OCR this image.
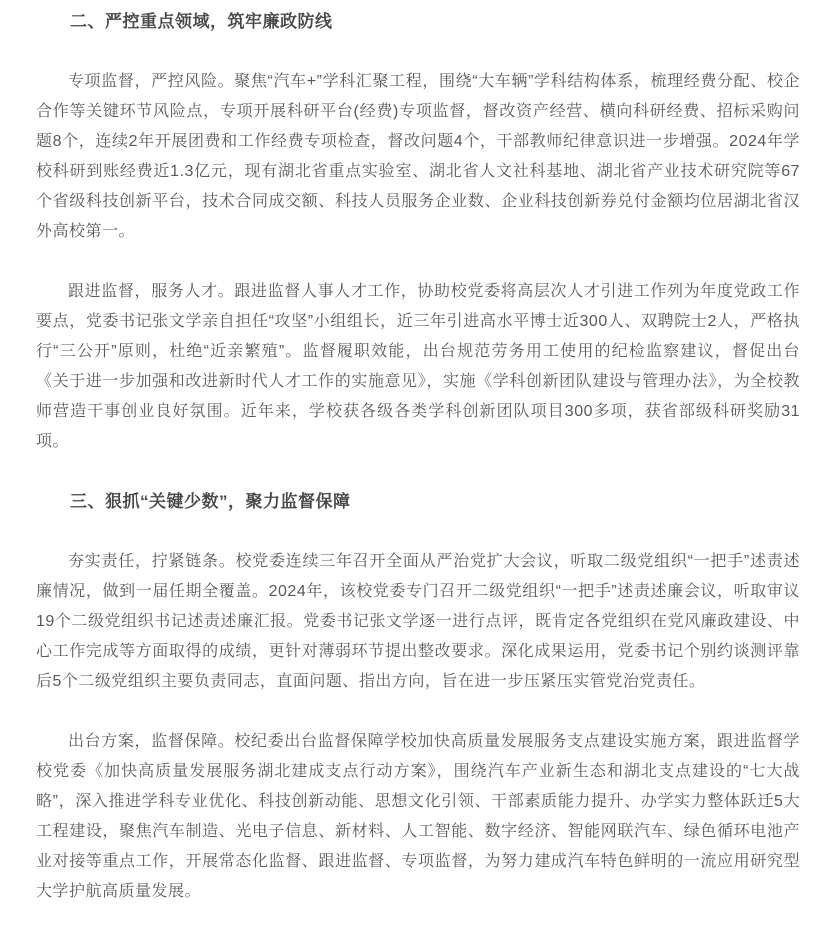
二、严控重点领域，筑牢廉政防线

专项监督，严控风险。聚焦“汽车+”学科汇聚工程，围绕“大车辆”学科结构体系，梳理经费分配、校企合作等关键环节风险点，专项开展科研平台(经费)专项监督，督改资产经营、横向科研经费、招标采购问题8个，连续2年开展团费和工作经费专项检查，督改问题4个，干部教师纪律意识进一步增强。2024年学校科研到账经费近1.3亿元，现有湖北省重点实验室、湖北省人文社科基地、湖北省产业技术研究院等67个省级科技创新平台，技术合同成交额、科技人员服务企业数、企业科技创新券兑付金额均位居湖北省汉外高校第一。

跟进监督，服务人才。跟进监督人事人才工作，协助校党委将高层次人才引进工作列为年度党政工作要点，党委书记张文学亲自担任“攻坚”小组组长，近三年引进高水平博士近300人、双聘院士2人，严格执行“三公开”原则，杜绝“近亲繁殖”。监督履职效能，出台规范劳务用工使用的纪检监察建议，督促出台《关于进一步加强和改进新时代人才工作的实施意见》，实施《学科创新团队建设与管理办法》，为全校教师营造干事创业良好氛围。近年来，学校获各级各类学科创新团队项目300多项，获省部级科研奖励31项。

三、狠抓“关键少数”，聚力监督保障

夯实责任，拧紧链条。校党委连续三年召开全面从严治党扩大会议，听取二级党组织“一把手”述责述廉情况，做到一届任期全覆盖。2024年，该校党委专门召开二级党组织“一把手”述责述廉会议，听取审议19个二级党组织书记述责述廉汇报。党委书记张文学逐一进行点评，既肯定各党组织在党风廉政建设、中心工作完成等方面取得的成绩，更针对薄弱环节提出整改要求。深化成果运用，党委书记个别约谈测评靠后5个二级党组织主要负责同志，直面问题、指出方向，旨在进一步压紧压实管党治党责任。

出台方案，监督保障。校纪委出台监督保障学校加快高质量发展服务支点建设实施方案，跟进监督学校党委《加快高质量发展服务湖北建成支点行动方案》，围绕汽车产业新生态和湖北支点建设的“七大战略”，深入推进学科专业优化、科技创新动能、思想文化引领、干部素质能力提升、办学实力整体跃迁5大工程建设，聚焦汽车制造、光电子信息、新材料、人工智能、数字经济、智能网联汽车、绿色循环电池产业对接等重点工作，开展常态化监督、跟进监督、专项监督，为努力建成汽车特色鲜明的一流应用研究型大学护航高质量发展。
